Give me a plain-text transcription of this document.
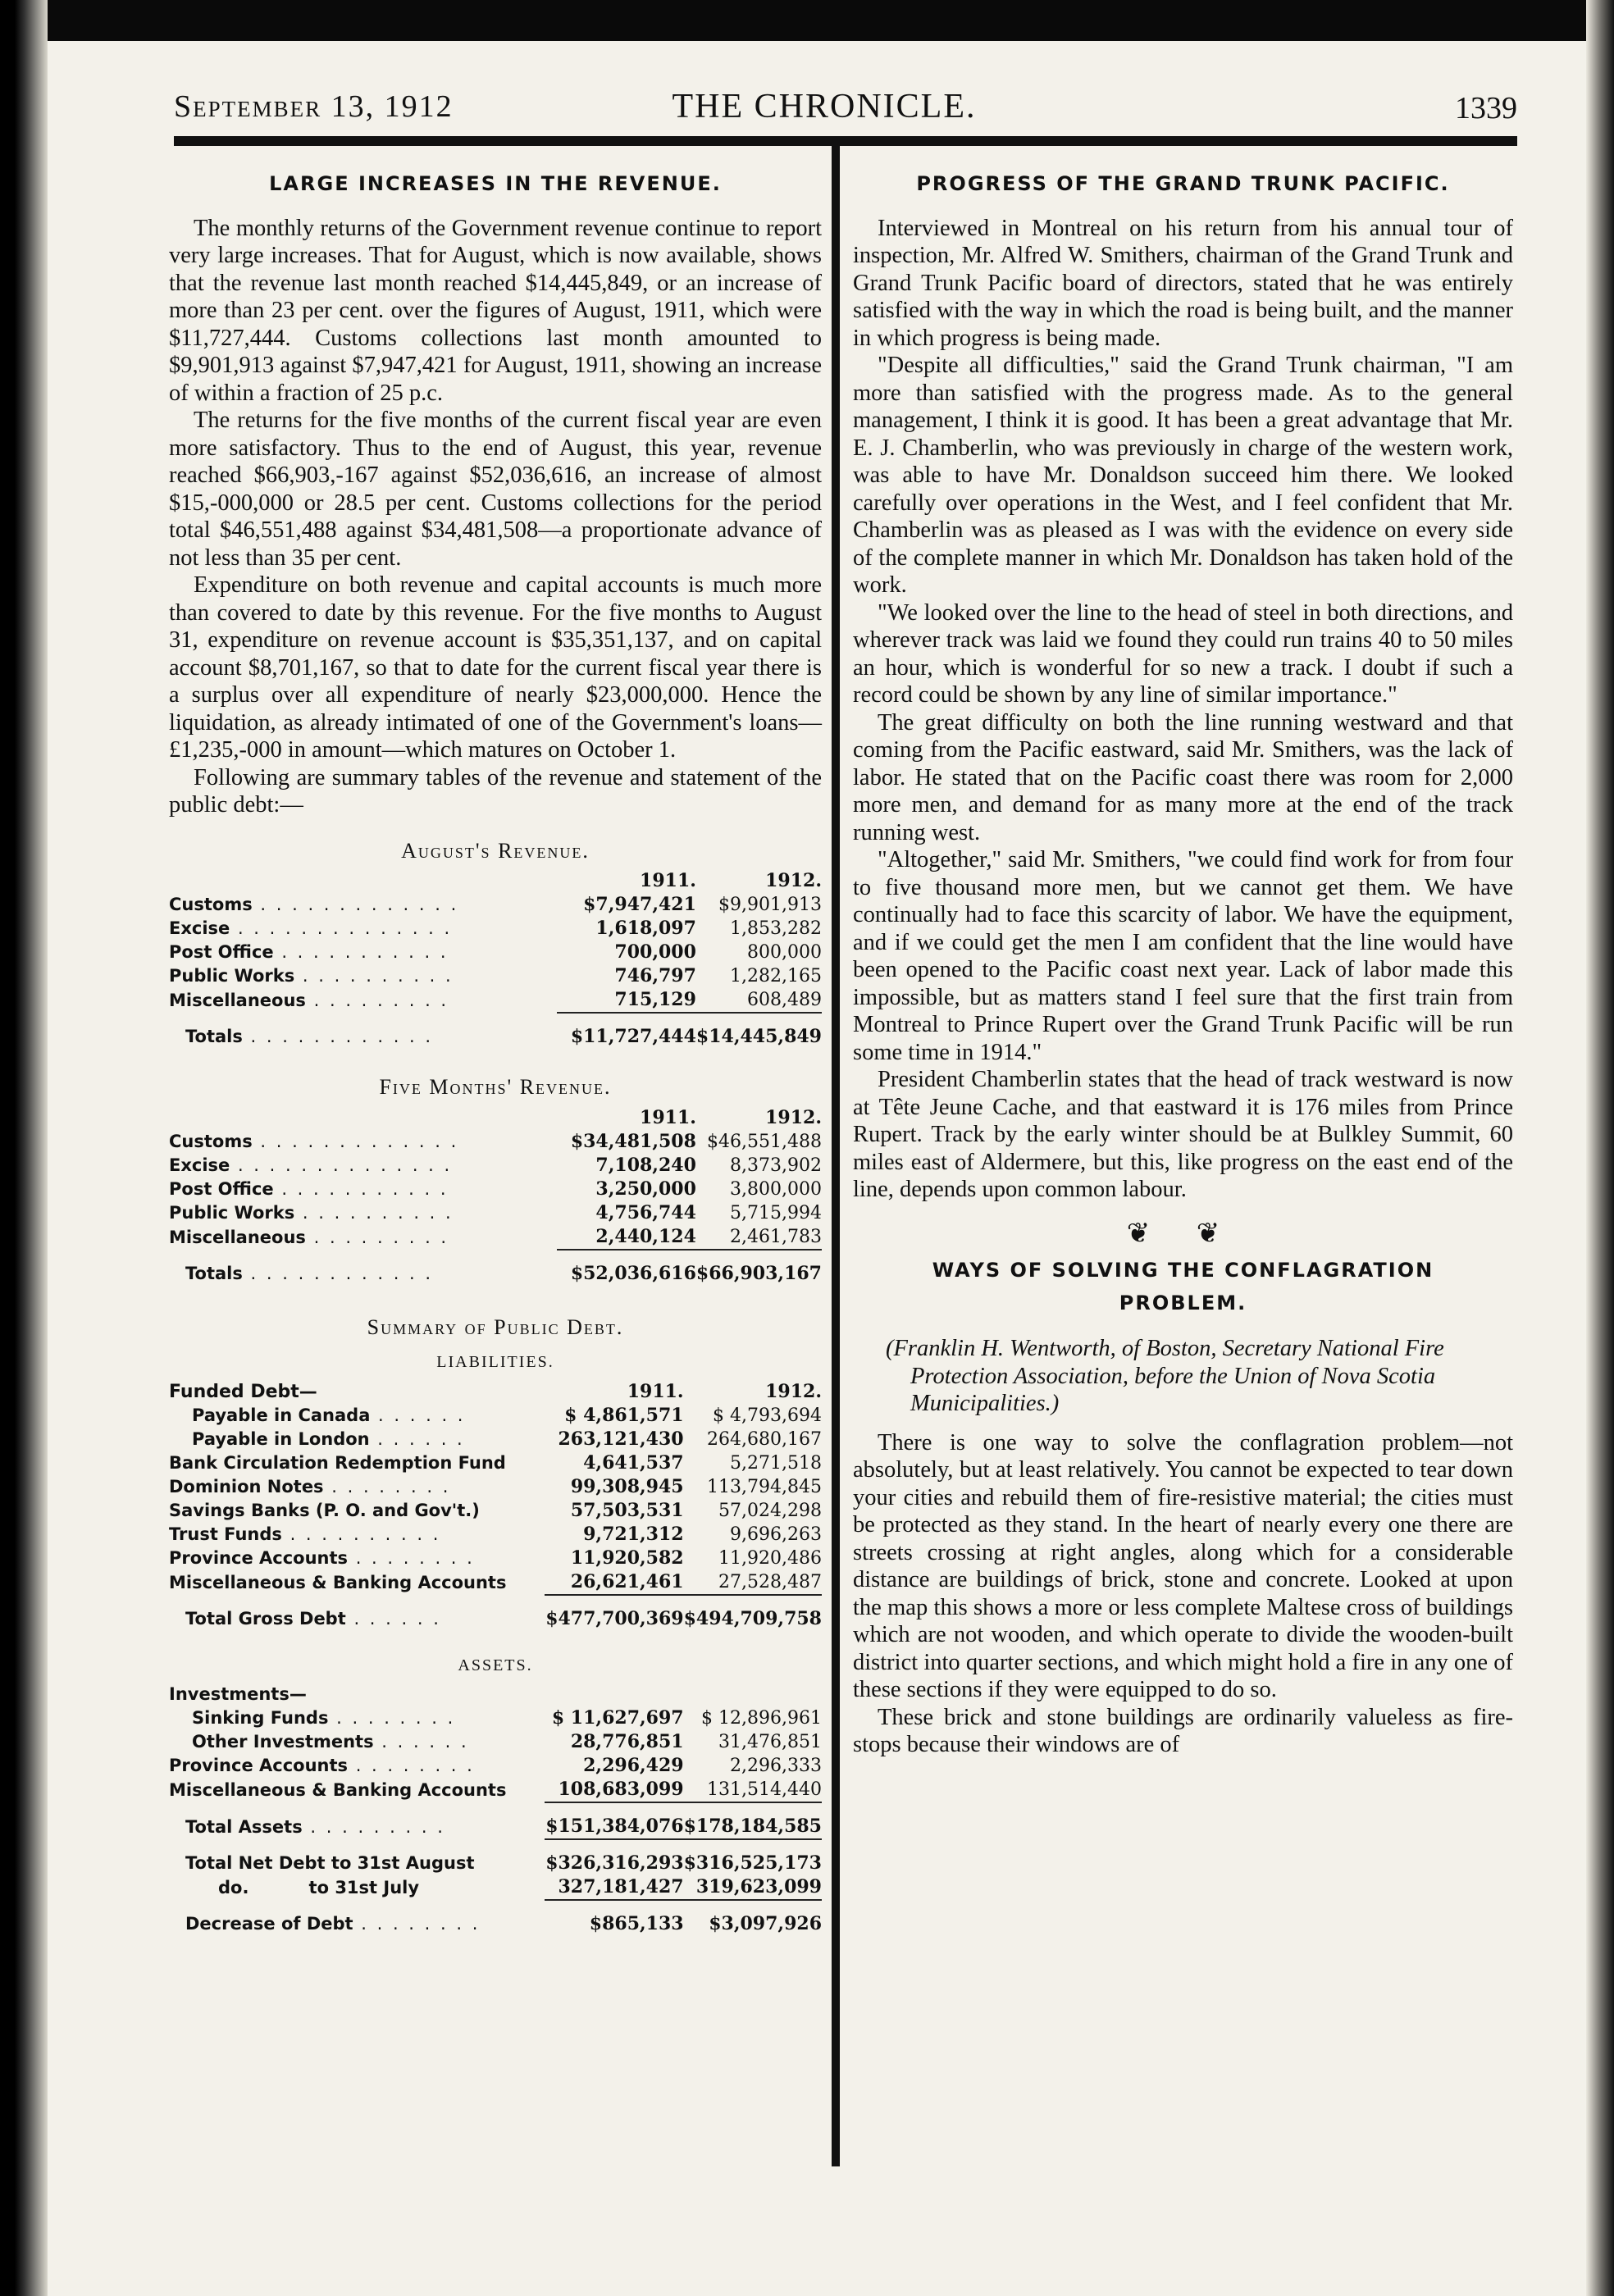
September 13, 1912	THE CHRONICLE.	1339
LARGE INCREASES IN THE REVENUE.

The monthly returns of the Government revenue continue to report very large increases. That for August, which is now available, shows that the revenue last month reached $14,445,849, or an increase of more than 23 per cent. over the figures of August, 1911, which were $11,727,444. Customs collections last month amounted to $9,901,913 against $7,947,421 for August, 1911, showing an increase of within a fraction of 25 p.c.

The returns for the five months of the current fiscal year are even more satisfactory. Thus to the end of August, this year, revenue reached $66,903,-167 against $52,036,616, an increase of almost $15,-000,000 or 28.5 per cent. Customs collections for the period total $46,551,488 against $34,481,508—a proportionate advance of not less than 35 per cent.

Expenditure on both revenue and capital accounts is much more than covered to date by this revenue. For the five months to August 31, expenditure on revenue account is $35,351,137, and on capital account $8,701,167, so that to date for the current fiscal year there is a surplus over all expenditure of nearly $23,000,000. Hence the liquidation, as already intimated of one of the Government's loans—£1,235,-000 in amount—which matures on October 1.

Following are summary tables of the revenue and statement of the public debt:—

August's Revenue.
	1911.	1912.
Customs . . . . . . . . . . . . .	$7,947,421	$9,901,913
Excise . . . . . . . . . . . . . .	1,618,097	1,853,282
Post Office . . . . . . . . . . .	700,000	800,000
Public Works . . . . . . . . . .	746,797	1,282,165
Miscellaneous . . . . . . . . .	715,129	608,489
Totals . . . . . . . . . . . .	$11,727,444	$14,445,849
Five Months' Revenue.
	1911.	1912.
Customs . . . . . . . . . . . . .	$34,481,508	$46,551,488
Excise . . . . . . . . . . . . . .	7,108,240	8,373,902
Post Office . . . . . . . . . . .	3,250,000	3,800,000
Public Works . . . . . . . . . .	4,756,744	5,715,994
Miscellaneous . . . . . . . . .	2,440,124	2,461,783
Totals . . . . . . . . . . . .	$52,036,616	$66,903,167
Summary of Public Debt.
LIABILITIES.
Funded Debt—	1911.	1912.
Payable in Canada . . . . . .	$ 4,861,571	$ 4,793,694
Payable in London . . . . . .	263,121,430	264,680,167
Bank Circulation Redemption Fund	4,641,537	5,271,518
Dominion Notes . . . . . . . .	99,308,945	113,794,845
Savings Banks (P. O. and Gov't.)	57,503,531	57,024,298
Trust Funds . . . . . . . . . .	9,721,312	9,696,263
Province Accounts . . . . . . . .	11,920,582	11,920,486
Miscellaneous & Banking Accounts	26,621,461	27,528,487
Total Gross Debt . . . . . .	$477,700,369	$494,709,758
ASSETS.
Investments—		
Sinking Funds . . . . . . . .	$ 11,627,697	$ 12,896,961
Other Investments . . . . . .	28,776,851	31,476,851
Province Accounts . . . . . . . .	2,296,429	2,296,333
Miscellaneous & Banking Accounts	108,683,099	131,514,440
Total Assets . . . . . . . . .	$151,384,076	$178,184,585
Total Net Debt to 31st August	$326,316,293	$316,525,173
do.          to 31st July	327,181,427	319,623,099
Decrease of Debt . . . . . . . .	$865,133	$3,097,926
PROGRESS OF THE GRAND TRUNK PACIFIC.

Interviewed in Montreal on his return from his annual tour of inspection, Mr. Alfred W. Smithers, chairman of the Grand Trunk and Grand Trunk Pacific board of directors, stated that he was entirely satisfied with the way in which the road is being built, and the manner in which progress is being made.

"Despite all difficulties," said the Grand Trunk chairman, "I am more than satisfied with the progress made. As to the general management, I think it is good. It has been a great advantage that Mr. E. J. Chamberlin, who was previously in charge of the western work, was able to have Mr. Donaldson succeed him there. We looked carefully over operations in the West, and I feel confident that Mr. Chamberlin was as pleased as I was with the evidence on every side of the complete manner in which Mr. Donaldson has taken hold of the work.

"We looked over the line to the head of steel in both directions, and wherever track was laid we found they could run trains 40 to 50 miles an hour, which is wonderful for so new a track. I doubt if such a record could be shown by any line of similar importance."

The great difficulty on both the line running westward and that coming from the Pacific eastward, said Mr. Smithers, was the lack of labor. He stated that on the Pacific coast there was room for 2,000 more men, and demand for as many more at the end of the track running west.

"Altogether," said Mr. Smithers, "we could find work for from four to five thousand more men, but we cannot get them. We have continually had to face this scarcity of labor. We have the equipment, and if we could get the men I am confident that the line would have been opened to the Pacific coast next year. Lack of labor made this impossible, but as matters stand I feel sure that the first train from Montreal to Prince Rupert over the Grand Trunk Pacific will be run some time in 1914."

President Chamberlin states that the head of track westward is now at Tête Jeune Cache, and that eastward it is 176 miles from Prince Rupert. Track by the early winter should be at Bulkley Summit, 60 miles east of Aldermere, but this, like progress on the east end of the line, depends upon common labour.

❦ ❦
WAYS OF SOLVING THE CONFLAGRATION
PROBLEM.
(Franklin H. Wentworth, of Boston, Secretary National Fire Protection Association, before the Union of Nova Scotia Municipalities.)

There is one way to solve the conflagration problem—not absolutely, but at least relatively. You cannot be expected to tear down your cities and rebuild them of fire-resistive material; the cities must be protected as they stand. In the heart of nearly every one there are streets crossing at right angles, along which for a considerable distance are buildings of brick, stone and concrete. Looked at upon the map this shows a more or less complete Maltese cross of buildings which are not wooden, and which operate to divide the wooden-built district into quarter sections, and which might hold a fire in any one of these sections if they were equipped to do so.

These brick and stone buildings are ordinarily valueless as fire-stops because their windows are of
